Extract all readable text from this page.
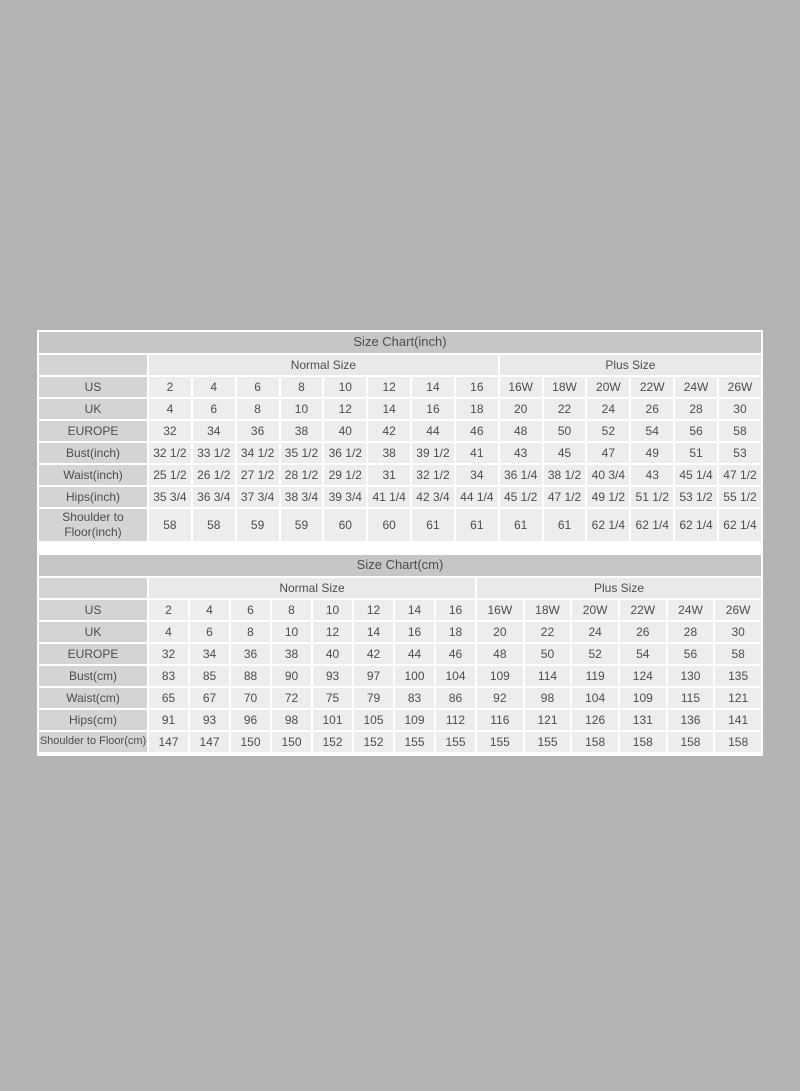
Size Chart(inch)														
	Normal Size								Plus Size					
US	2	4	6	8	10	12	14	16	16W	18W	20W	22W	24W	26W
UK	4	6	8	10	12	14	16	18	20	22	24	26	28	30
EUROPE	32	34	36	38	40	42	44	46	48	50	52	54	56	58
Bust(inch)	32 1/2	33 1/2	34 1/2	35 1/2	36 1/2	38	39 1/2	41	43	45	47	49	51	53
Waist(inch)	25 1/2	26 1/2	27 1/2	28 1/2	29 1/2	31	32 1/2	34	36 1/4	38 1/2	40 3/4	43	45 1/4	47 1/2
Hips(inch)	35 3/4	36 3/4	37 3/4	38 3/4	39 3/4	41 1/4	42 3/4	44 1/4	45 1/2	47 1/2	49 1/2	51 1/2	53 1/2	55 1/2
Shoulder to Floor(inch)	58	58	59	59	60	60	61	61	61	61	62 1/4	62 1/4	62 1/4	62 1/4
Size Chart(cm)														
	Normal Size								Plus Size					
US	2	4	6	8	10	12	14	16	16W	18W	20W	22W	24W	26W
UK	4	6	8	10	12	14	16	18	20	22	24	26	28	30
EUROPE	32	34	36	38	40	42	44	46	48	50	52	54	56	58
Bust(cm)	83	85	88	90	93	97	100	104	109	114	119	124	130	135
Waist(cm)	65	67	70	72	75	79	83	86	92	98	104	109	115	121
Hips(cm)	91	93	96	98	101	105	109	112	116	121	126	131	136	141
Shoulder to Floor(cm)	147	147	150	150	152	152	155	155	155	155	158	158	158	158
